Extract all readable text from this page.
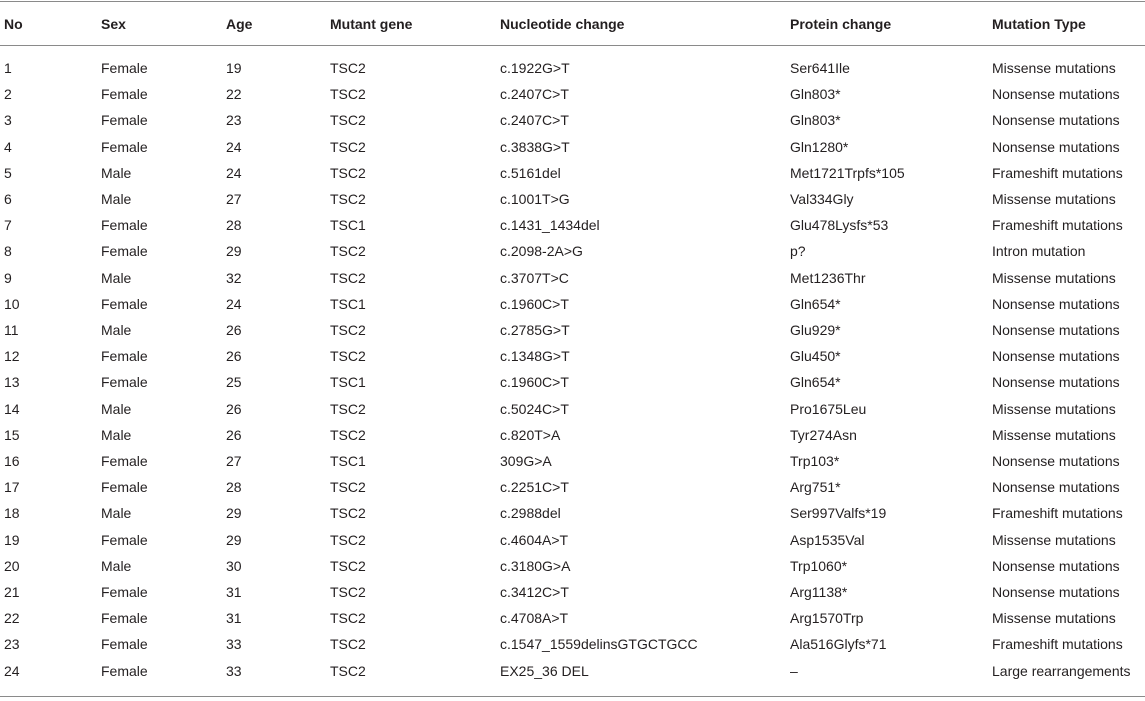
No	Sex	Age	Mutant gene	Nucleotide change	Protein change	Mutation Type
1	Female	19	TSC2	c.1922G>T	Ser641Ile	Missense mutations
2	Female	22	TSC2	c.2407C>T	Gln803*	Nonsense mutations
3	Female	23	TSC2	c.2407C>T	Gln803*	Nonsense mutations
4	Female	24	TSC2	c.3838G>T	Gln1280*	Nonsense mutations
5	Male	24	TSC2	c.5161del	Met1721Trpfs*105	Frameshift mutations
6	Male	27	TSC2	c.1001T>G	Val334Gly	Missense mutations
7	Female	28	TSC1	c.1431_1434del	Glu478Lysfs*53	Frameshift mutations
8	Female	29	TSC2	c.2098-2A>G	p?	Intron mutation
9	Male	32	TSC2	c.3707T>C	Met1236Thr	Missense mutations
10	Female	24	TSC1	c.1960C>T	Gln654*	Nonsense mutations
11	Male	26	TSC2	c.2785G>T	Glu929*	Nonsense mutations
12	Female	26	TSC2	c.1348G>T	Glu450*	Nonsense mutations
13	Female	25	TSC1	c.1960C>T	Gln654*	Nonsense mutations
14	Male	26	TSC2	c.5024C>T	Pro1675Leu	Missense mutations
15	Male	26	TSC2	c.820T>A	Tyr274Asn	Missense mutations
16	Female	27	TSC1	309G>A	Trp103*	Nonsense mutations
17	Female	28	TSC2	c.2251C>T	Arg751*	Nonsense mutations
18	Male	29	TSC2	c.2988del	Ser997Valfs*19	Frameshift mutations
19	Female	29	TSC2	c.4604A>T	Asp1535Val	Missense mutations
20	Male	30	TSC2	c.3180G>A	Trp1060*	Nonsense mutations
21	Female	31	TSC2	c.3412C>T	Arg1138*	Nonsense mutations
22	Female	31	TSC2	c.4708A>T	Arg1570Trp	Missense mutations
23	Female	33	TSC2	c.1547_1559delinsGTGCTGCC	Ala516Glyfs*71	Frameshift mutations
24	Female	33	TSC2	EX25_36 DEL	–	Large rearrangements
